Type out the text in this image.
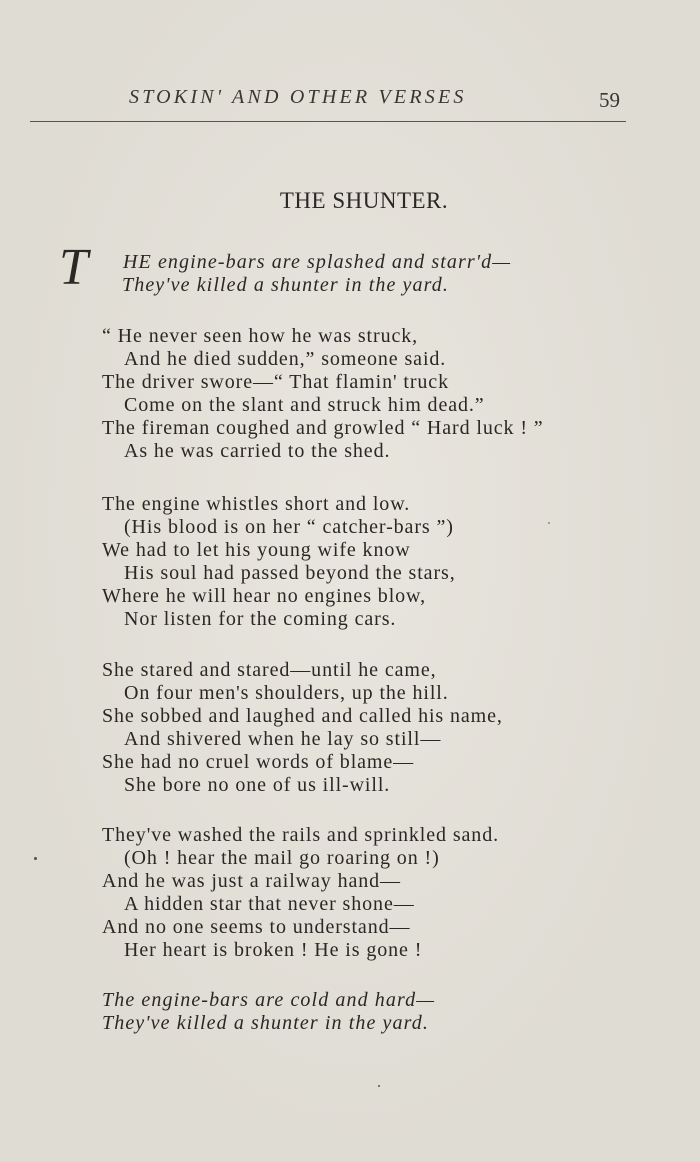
STOKIN' AND OTHER VERSES	59
THE SHUNTER.
T HE engine-bars are splashed and starr'd—
They've killed a shunter in the yard.
“ He never seen how he was struck,
And he died sudden,” someone said.
The driver swore—“ That flamin' truck
Come on the slant and struck him dead.”
The fireman coughed and growled “ Hard luck ! ”
As he was carried to the shed.
The engine whistles short and low.
(His blood is on her “ catcher-bars ”)
We had to let his young wife know
His soul had passed beyond the stars,
Where he will hear no engines blow,
Nor listen for the coming cars.
She stared and stared—until he came,
On four men's shoulders, up the hill.
She sobbed and laughed and called his name,
And shivered when he lay so still—
She had no cruel words of blame—
She bore no one of us ill-will.
They've washed the rails and sprinkled sand.
(Oh ! hear the mail go roaring on !)
And he was just a railway hand—
A hidden star that never shone—
And no one seems to understand—
Her heart is broken ! He is gone !
The engine-bars are cold and hard—
They've killed a shunter in the yard.
